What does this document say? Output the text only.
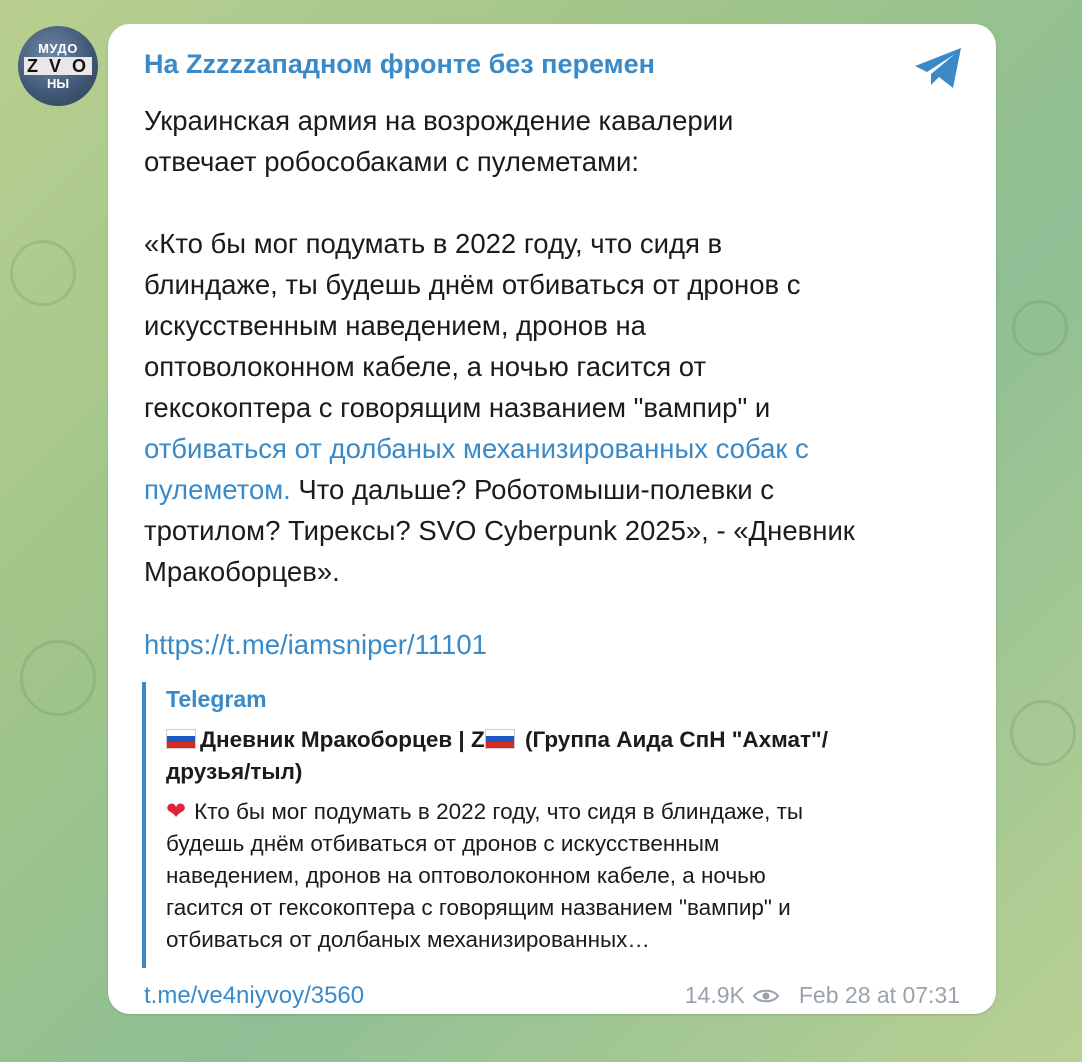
МУДО
Z V O
НЫ
На Zzzzzападном фронте без перемен

Украинская армия на возрождение кавалерии

отвечает робособаками с пулеметами:

«Кто бы мог подумать в 2022 году, что сидя в

блиндаже, ты будешь днём отбиваться от дронов с

искусственным наведением, дронов на

оптоволоконном кабеле, а ночью гасится от

гексокоптера с говорящим названием "вампир" и

отбиваться от долбаных механизированных собак с

пулеметом. Что дальше? Роботомыши-полевки с

тротилом? Тирексы? SVO Cyberpunk 2025», - «Дневник

Мракоборцев».

https://t.me/iamsniper/11101
Telegram
Дневник Мракоборцев | Z (Группа Аида СпН "Ахмат"/
друзья/тыл)
❤ Кто бы мог подумать в 2022 году, что сидя в блиндаже, ты
будешь днём отбиваться от дронов с искусственным
наведением, дронов на оптоволоконном кабеле, а ночью
гасится от гексокоптера с говорящим названием "вампир" и
отбиваться от долбаных механизированных…
t.me/ve4niyvoy/3560	14.9K Feb 28 at 07:31
